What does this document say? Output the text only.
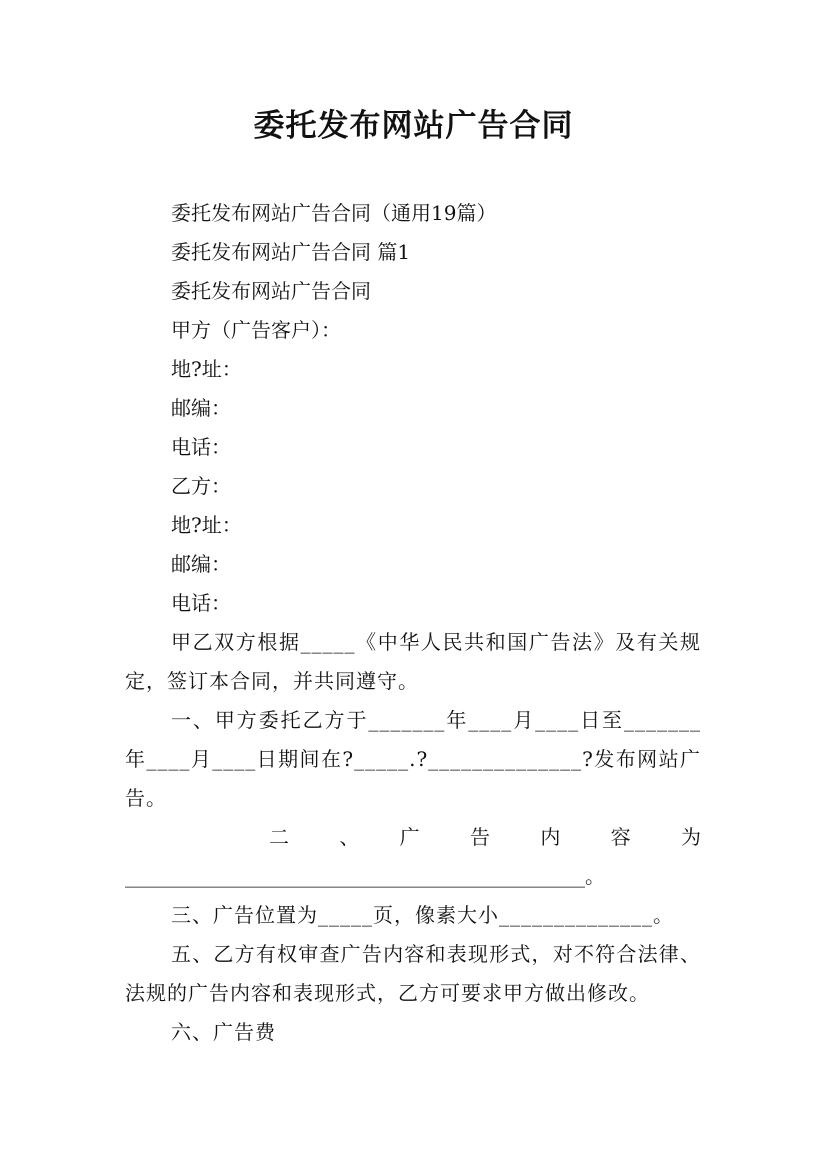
委托发布网站广告合同
委托发布网站广告合同（通用19篇）
委托发布网站广告合同 篇1
委托发布网站广告合同
甲方（广告客户）：
地?址：
邮编：
电话：
乙方：
地?址：
邮编：
电话：
甲乙双方根据_____《中华人民共和国广告法》及有关规定，签订本合同，并共同遵守。
一、甲方委托乙方于_______年____月____日至_______年____月____日期间在?_____.?______________?发布网站广告。
二　、　广　告　内　容　为
______________________________________________。
三、广告位置为_____页，像素大小______________。
五、乙方有权审查广告内容和表现形式，对不符合法律、法规的广告内容和表现形式，乙方可要求甲方做出修改。
六、广告费
